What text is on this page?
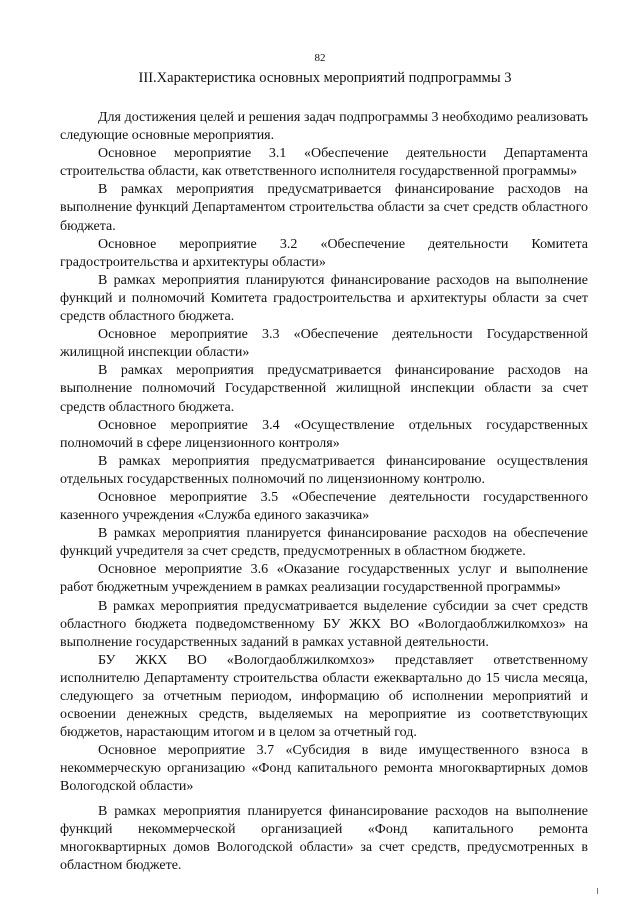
82
III.Характеристика основных мероприятий подпрограммы 3

Для достижения целей и решения задач подпрограммы 3 необходимо реализовать следующие основные мероприятия.

Основное мероприятие 3.1 «Обеспечение деятельности Департамента строительства области, как ответственного исполнителя государственной программы»

В рамках мероприятия предусматривается финансирование расходов на выполнение функций Департаментом строительства области за счет средств областного бюджета.

Основное мероприятие 3.2 «Обеспечение деятельности Комитета градостроительства и архитектуры области»

В рамках мероприятия планируются финансирование расходов на выполнение функций и полномочий Комитета градостроительства и архитектуры области за счет средств областного бюджета.

Основное мероприятие 3.3 «Обеспечение деятельности Государственной жилищной инспекции области»

В рамках мероприятия предусматривается финансирование расходов на выполнение полномочий Государственной жилищной инспекции области за счет средств областного бюджета.

Основное мероприятие 3.4 «Осуществление отдельных государственных полномочий в сфере лицензионного контроля»

В рамках мероприятия предусматривается финансирование осуществления отдельных государственных полномочий по лицензионному контролю.

Основное мероприятие 3.5 «Обеспечение деятельности государственного казенного учреждения «Служба единого заказчика»

В рамках мероприятия планируется финансирование расходов на обеспечение функций учредителя за счет средств, предусмотренных в областном бюджете.

Основное мероприятие 3.6 «Оказание государственных услуг и выполнение работ бюджетным учреждением в рамках реализации государственной программы»

В рамках мероприятия предусматривается выделение субсидии за счет средств областного бюджета подведомственному БУ ЖКХ ВО «Вологдаоблжилкомхоз» на выполнение государственных заданий в рамках уставной деятельности.

БУ ЖКХ ВО «Вологдаоблжилкомхоз» представляет ответственному исполнителю Департаменту строительства области ежеквартально до 15 числа месяца, следующего за отчетным периодом, информацию об исполнении мероприятий и освоении денежных средств, выделяемых на мероприятие из соответствующих бюджетов, нарастающим итогом и в целом за отчетный год.

Основное мероприятие 3.7 «Субсидия в виде имущественного взноса в некоммерческую организацию «Фонд капитального ремонта многоквартирных домов Вологодской области»

В рамках мероприятия планируется финансирование расходов на выполнение функций некоммерческой организацией «Фонд капитального ремонта многоквартирных домов Вологодской области» за счет средств, предусмотренных в областном бюджете.
